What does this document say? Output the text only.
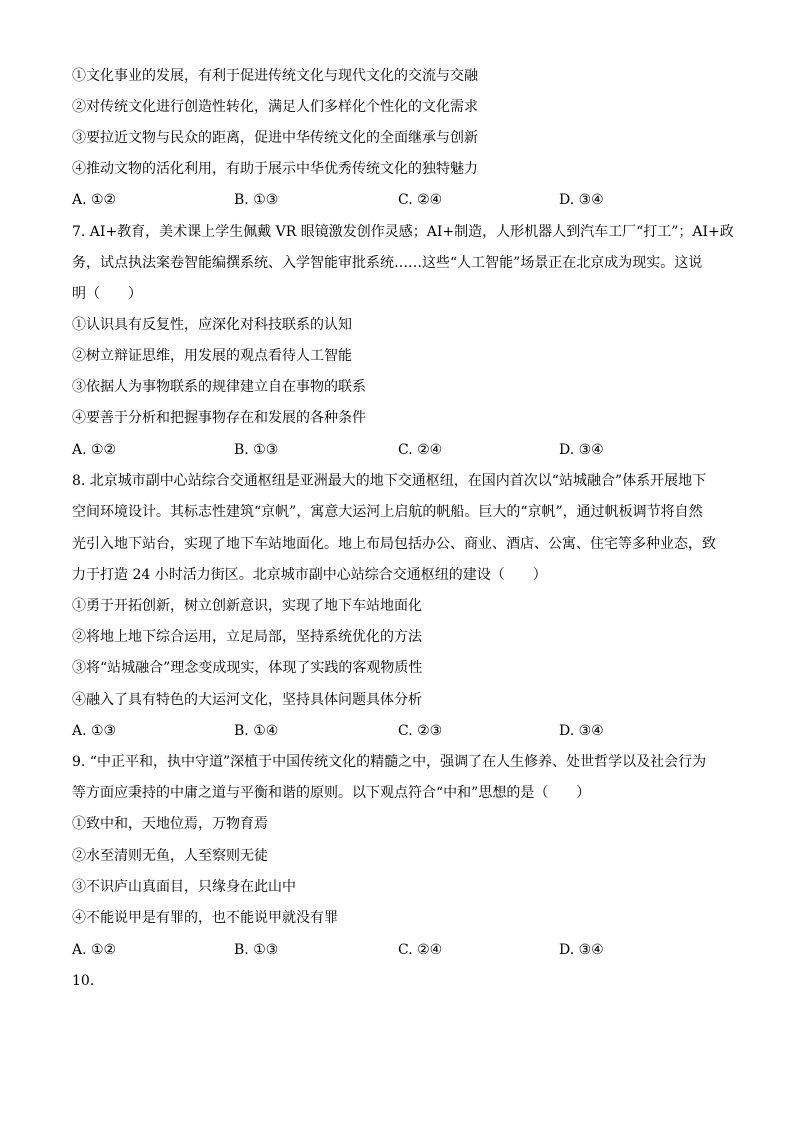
①文化事业的发展，有利于促进传统文化与现代文化的交流与交融
②对传统文化进行创造性转化，满足人们多样化个性化的文化需求
③要拉近文物与民众的距离，促进中华传统文化的全面继承与创新
④推动文物的活化利用，有助于展示中华优秀传统文化的独特魅力
A. ①②	B. ①③	C. ②④	D. ③④
7. AI+教育，美术课上学生佩戴 VR 眼镜激发创作灵感；AI+制造，人形机器人到汽车工厂“打工”；AI+政
务，试点执法案卷智能编撰系统、入学智能审批系统……这些“人工智能”场景正在北京成为现实。这说
明（　　）
①认识具有反复性，应深化对科技联系的认知
②树立辩证思维，用发展的观点看待人工智能
③依据人为事物联系的规律建立自在事物的联系
④要善于分析和把握事物存在和发展的各种条件
A. ①②	B. ①③	C. ②④	D. ③④
8. 北京城市副中心站综合交通枢纽是亚洲最大的地下交通枢纽，在国内首次以“站城融合”体系开展地下
空间环境设计。其标志性建筑“京帆”，寓意大运河上启航的帆船。巨大的“京帆”，通过帆板调节将自然
光引入地下站台，实现了地下车站地面化。地上布局包括办公、商业、酒店、公寓、住宅等多种业态，致
力于打造 24 小时活力街区。北京城市副中心站综合交通枢纽的建设（　　）
①勇于开拓创新，树立创新意识，实现了地下车站地面化
②将地上地下综合运用，立足局部，坚持系统优化的方法
③将“站城融合”理念变成现实，体现了实践的客观物质性
④融入了具有特色的大运河文化，坚持具体问题具体分析
A. ①③	B. ①④	C. ②③	D. ③④
9. “中正平和，执中守道”深植于中国传统文化的精髓之中，强调了在人生修养、处世哲学以及社会行为
等方面应秉持的中庸之道与平衡和谐的原则。以下观点符合“中和”思想的是（　　）
①致中和，天地位焉，万物育焉
②水至清则无鱼，人至察则无徒
③不识庐山真面目，只缘身在此山中
④不能说甲是有罪的，也不能说甲就没有罪
A. ①②	B. ①③	C. ②④	D. ③④
10.
